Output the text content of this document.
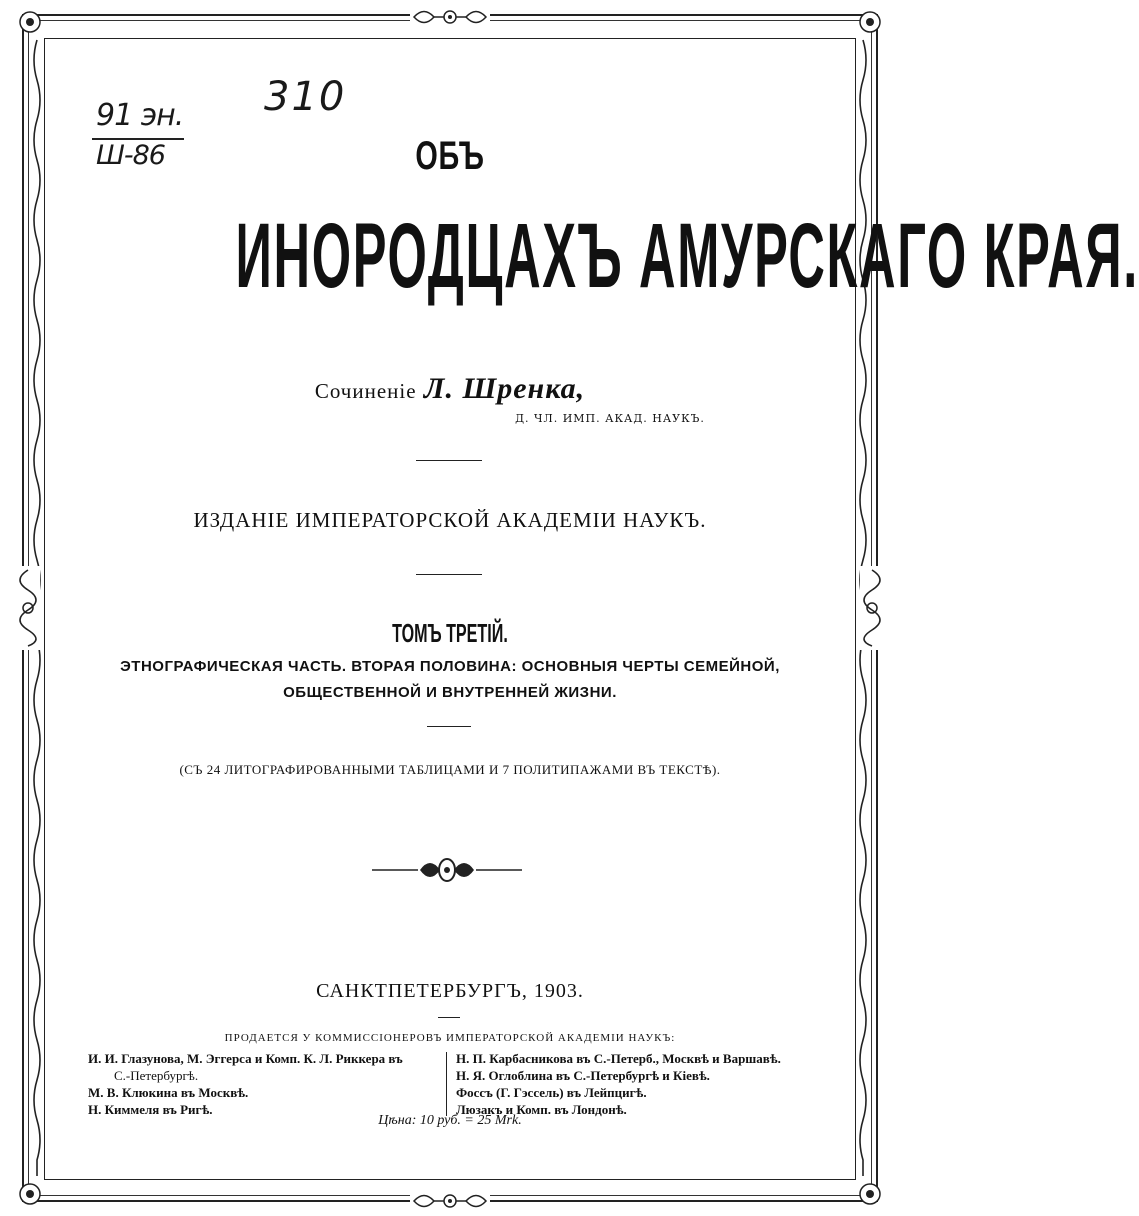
91 эн.
Ш-86
310
ОБЪ
ИНОРОДЦАХЪ АМУРСКАГО КРАЯ.
Сочиненіе Л. Шренка,
Д. ЧЛ. ИМП. АКАД. НАУКЪ.
ИЗДАНІЕ ИМПЕРАТОРСКОЙ АКАДЕМІИ НАУКЪ.
ТОМЪ ТРЕТІЙ.
ЭТНОГРАФИЧЕСКАЯ ЧАСТЬ. ВТОРАЯ ПОЛОВИНА: ОСНОВНЫЯ ЧЕРТЫ СЕМЕЙНОЙ, ОБЩЕСТВЕННОЙ И ВНУТРЕННЕЙ ЖИЗНИ.
(СЪ 24 ЛИТОГРАФИРОВАННЫМИ ТАБЛИЦАМИ И 7 ПОЛИТИПАЖАМИ ВЪ ТЕКСТѢ).
САНКТПЕТЕРБУРГЪ, 1903.
ПРОДАЕТСЯ У КОММИССІОНЕРОВЪ ИМПЕРАТОРСКОЙ АКАДЕМІИ НАУКЪ:
И. И. Глазунова, М. Эггерса и Комп. К. Л. Риккера въ
С.-Петербургѣ.
М. В. Клюкина въ Москвѣ.
Н. Киммеля въ Ригѣ.
Н. П. Карбасникова въ С.-Петерб., Москвѣ и Варшавѣ.
Н. Я. Оглоблина въ С.-Петербургѣ и Кіевѣ.
Фоссъ (Г. Гэссель) въ Лейпцигѣ.
Люзакъ и Комп. въ Лондонѣ.
Цѣна: 10 руб. = 25 Mrk.
